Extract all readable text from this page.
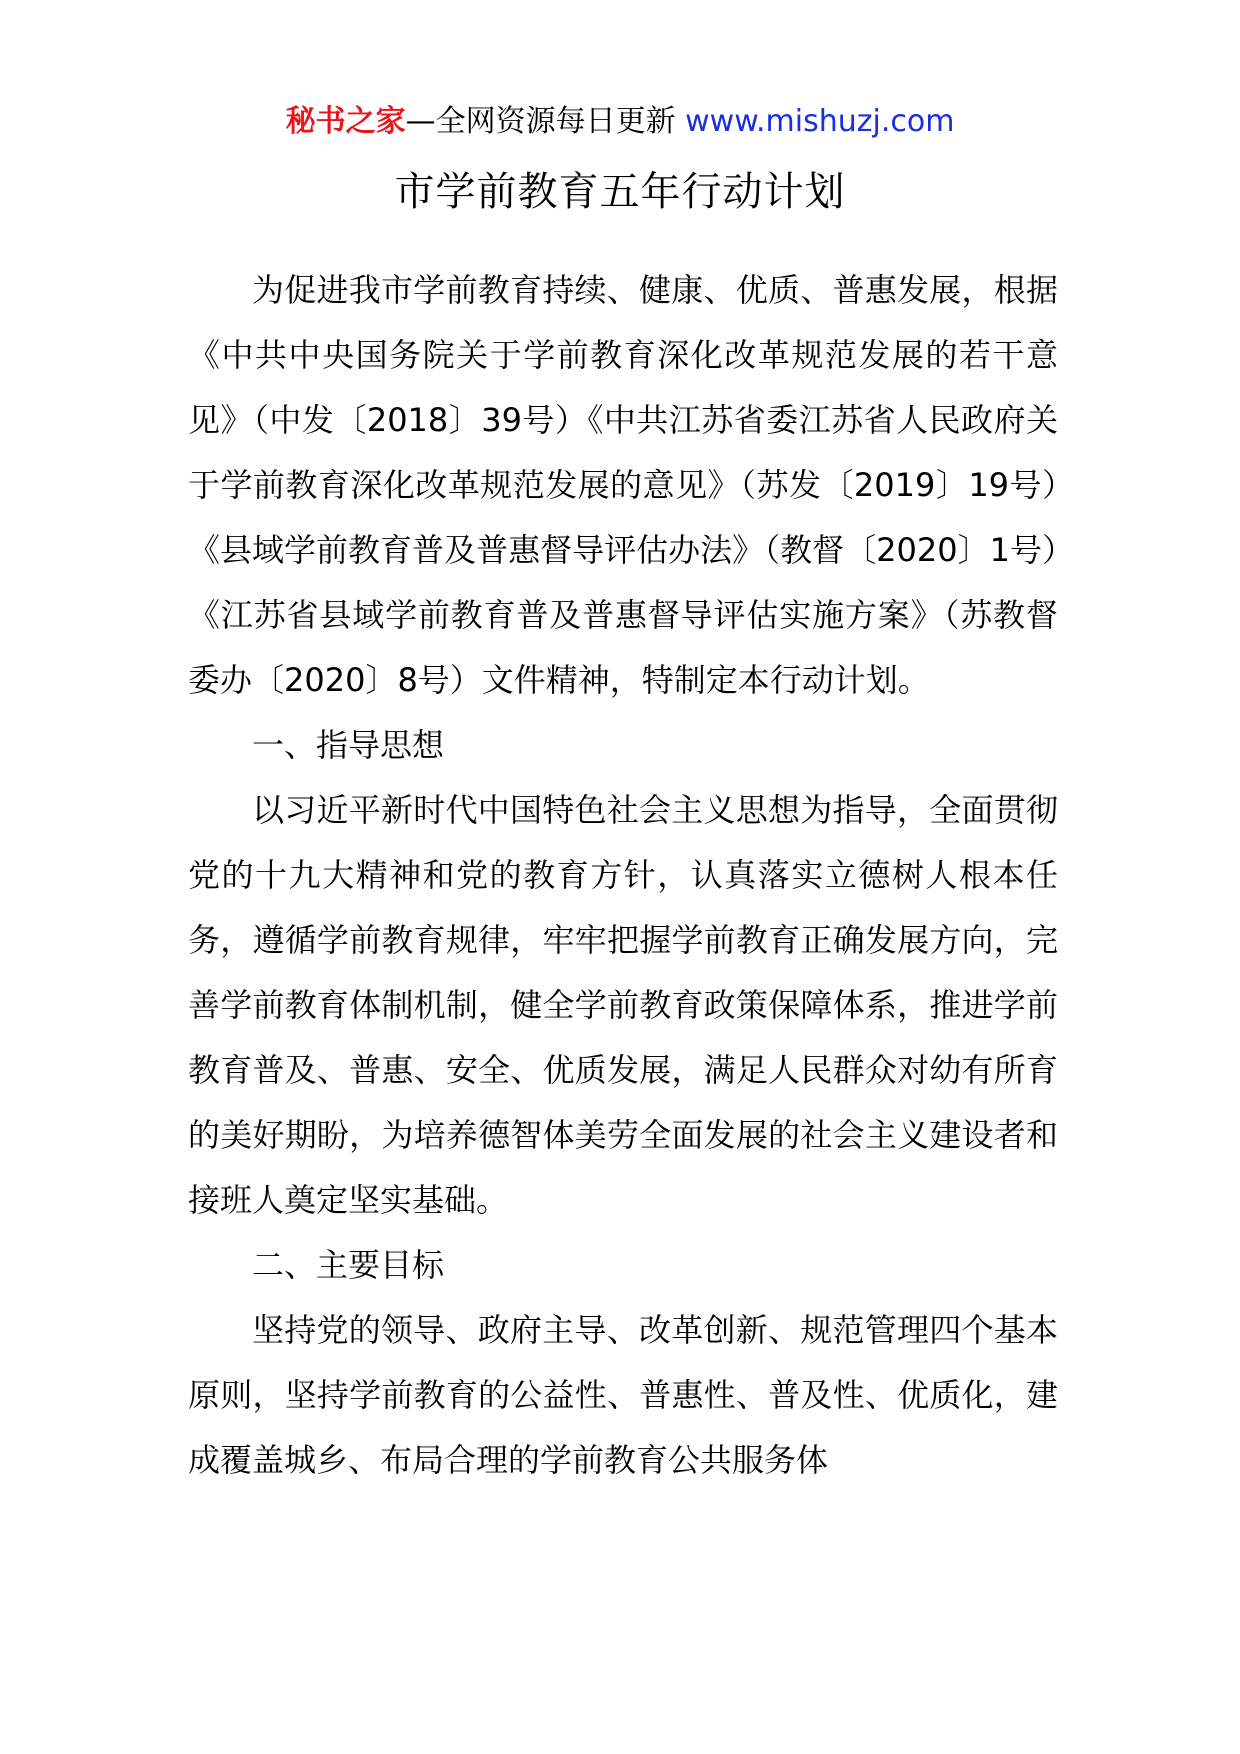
秘书之家—全网资源每日更新 www.mishuzj.com
市学前教育五年行动计划

为促进我市学前教育持续、健康、优质、普惠发展，根据《中共中央国务院关于学前教育深化改革规范发展的若干意见》（中发〔2018〕39号）《中共江苏省委江苏省人民政府关于学前教育深化改革规范发展的意见》（苏发〔2019〕19号）《县域学前教育普及普惠督导评估办法》（教督〔2020〕1号）《江苏省县域学前教育普及普惠督导评估实施方案》（苏教督委办〔2020〕8号）文件精神，特制定本行动计划。

一、指导思想

以习近平新时代中国特色社会主义思想为指导，全面贯彻党的十九大精神和党的教育方针，认真落实立德树人根本任务，遵循学前教育规律，牢牢把握学前教育正确发展方向，完善学前教育体制机制，健全学前教育政策保障体系，推进学前教育普及、普惠、安全、优质发展，满足人民群众对幼有所育的美好期盼，为培养德智体美劳全面发展的社会主义建设者和接班人奠定坚实基础。

二、主要目标

坚持党的领导、政府主导、改革创新、规范管理四个基本原则，坚持学前教育的公益性、普惠性、普及性、优质化，建成覆盖城乡、布局合理的学前教育公共服务体
